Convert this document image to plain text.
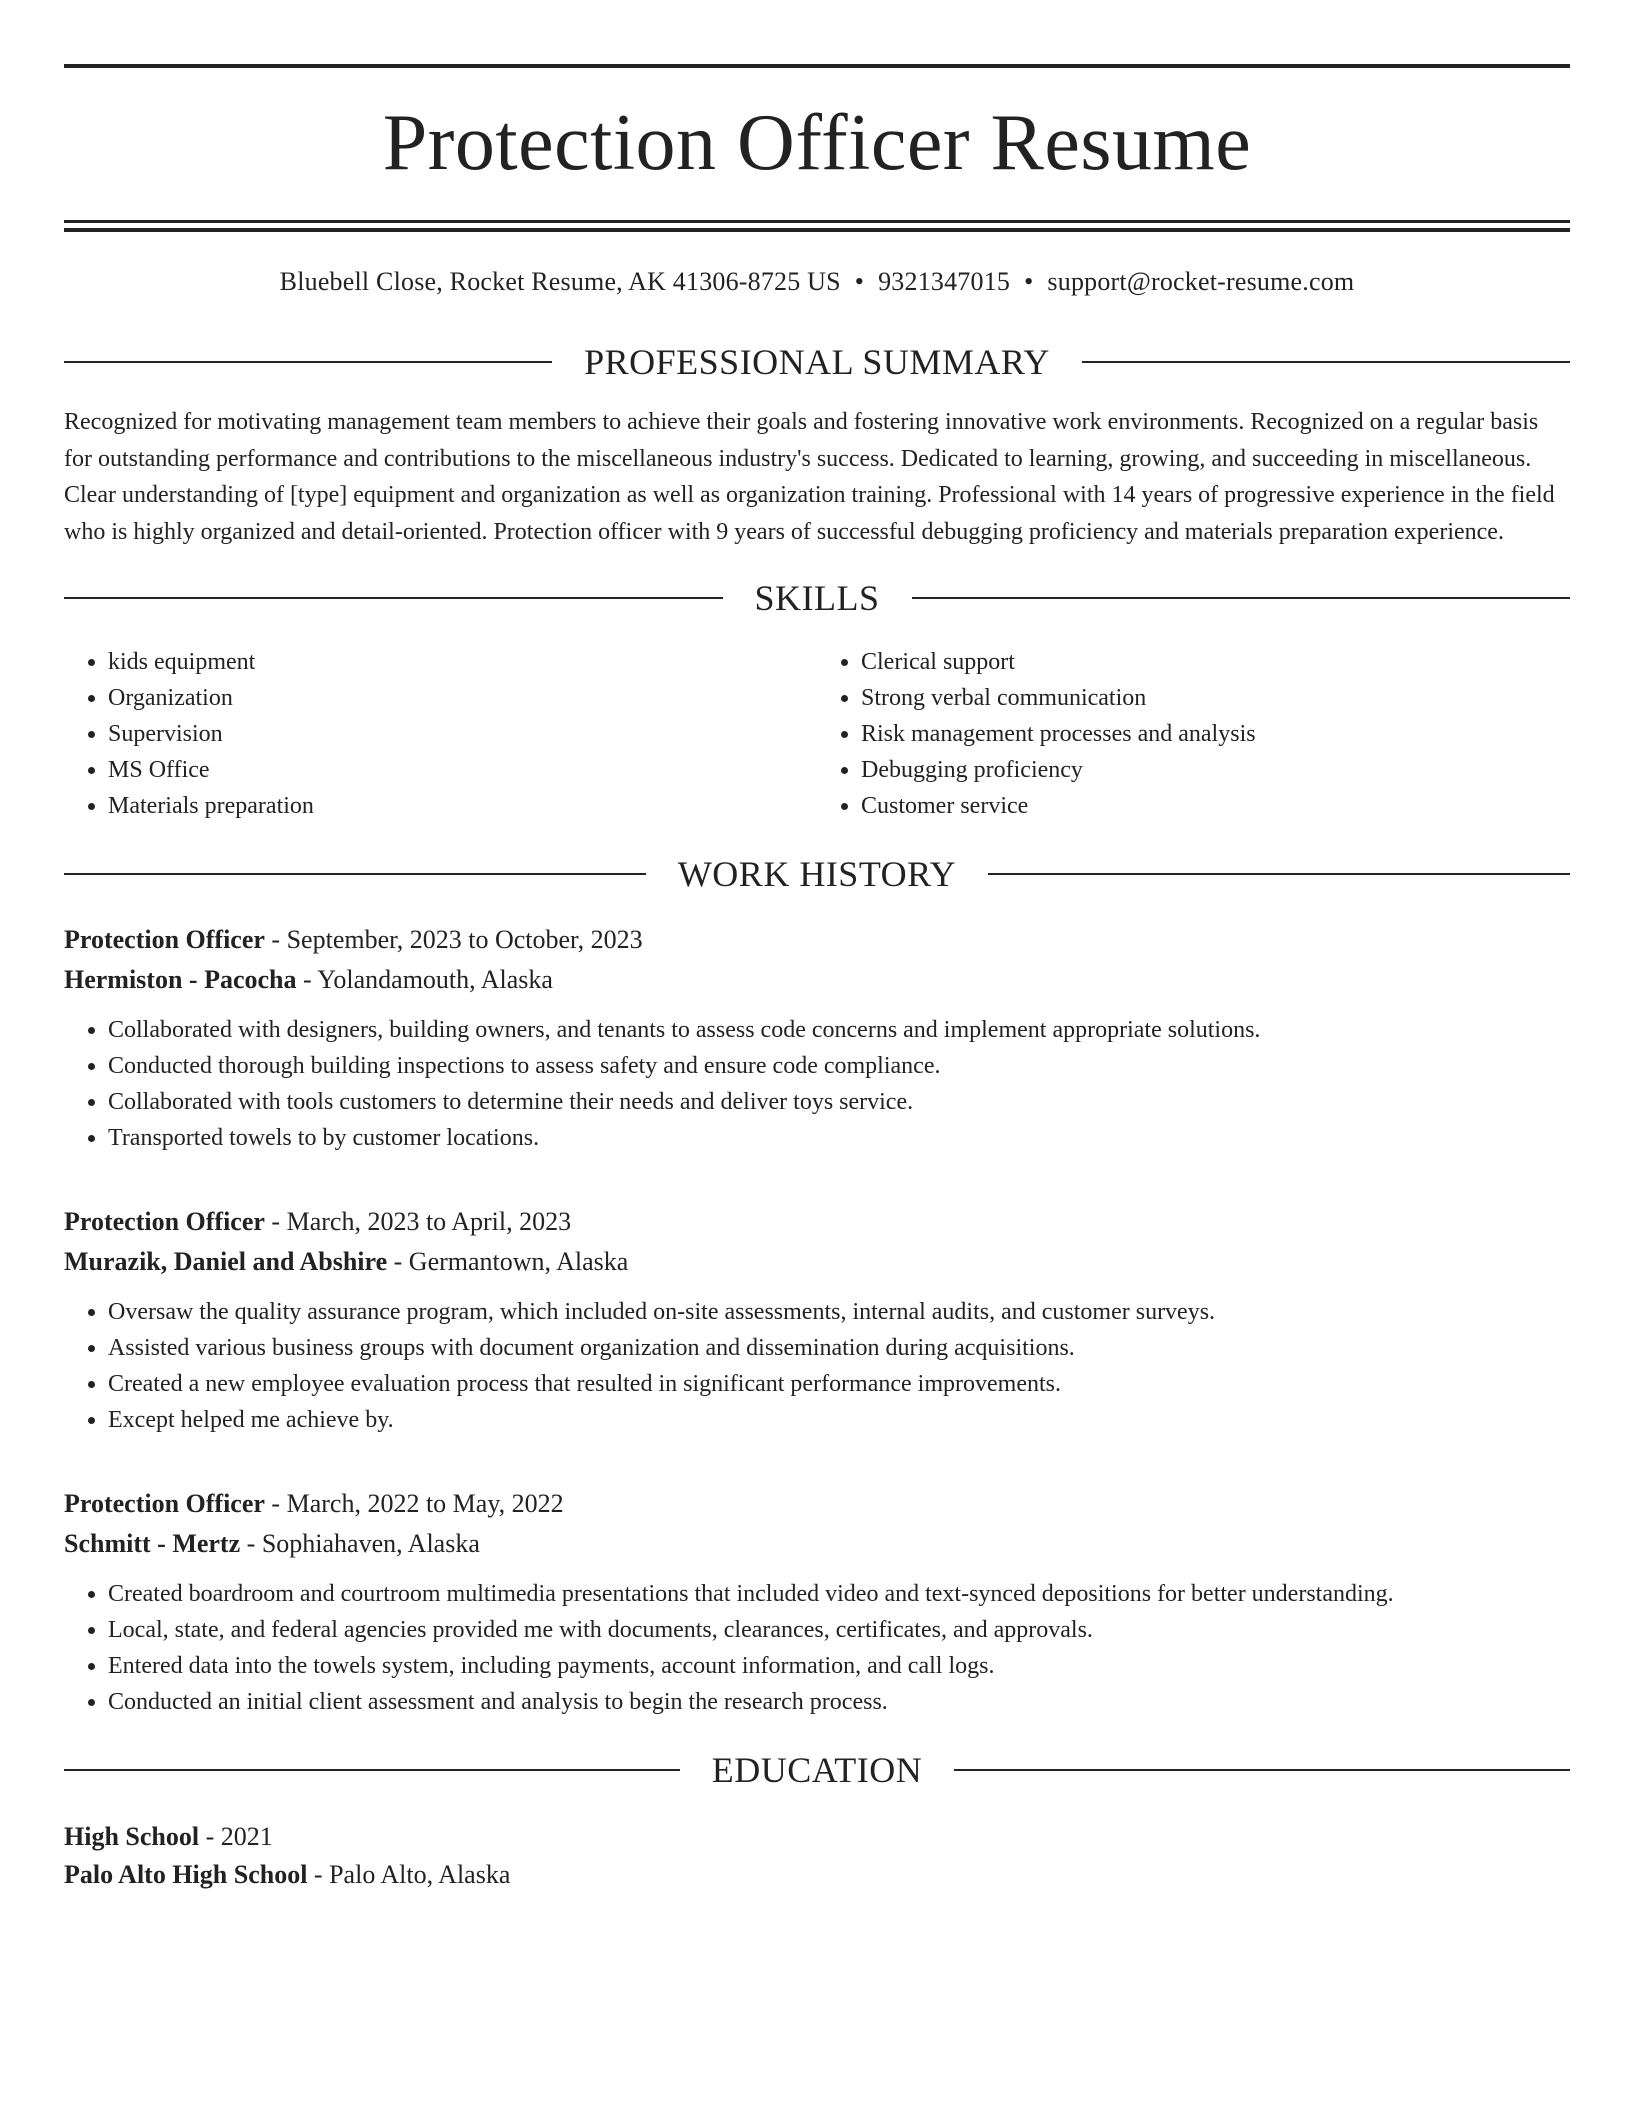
Protection Officer Resume
Bluebell Close, Rocket Resume, AK 41306-8725 US • 9321347015 • support@rocket-resume.com
PROFESSIONAL SUMMARY
Recognized for motivating management team members to achieve their goals and fostering innovative work environments. Recognized on a regular basis for outstanding performance and contributions to the miscellaneous industry's success. Dedicated to learning, growing, and succeeding in miscellaneous. Clear understanding of [type] equipment and organization as well as organization training. Professional with 14 years of progressive experience in the field who is highly organized and detail-oriented. Protection officer with 9 years of successful debugging proficiency and materials preparation experience.
SKILLS
• kids equipment
• Organization
• Supervision
• MS Office
• Materials preparation
• Clerical support
• Strong verbal communication
• Risk management processes and analysis
• Debugging proficiency
• Customer service
WORK HISTORY
Protection Officer - September, 2023 to October, 2023
Hermiston - Pacocha - Yolandamouth, Alaska
• Collaborated with designers, building owners, and tenants to assess code concerns and implement appropriate solutions.
• Conducted thorough building inspections to assess safety and ensure code compliance.
• Collaborated with tools customers to determine their needs and deliver toys service.
• Transported towels to by customer locations.
Protection Officer - March, 2023 to April, 2023
Murazik, Daniel and Abshire - Germantown, Alaska
• Oversaw the quality assurance program, which included on-site assessments, internal audits, and customer surveys.
• Assisted various business groups with document organization and dissemination during acquisitions.
• Created a new employee evaluation process that resulted in significant performance improvements.
• Except helped me achieve by.
Protection Officer - March, 2022 to May, 2022
Schmitt - Mertz - Sophiahaven, Alaska
• Created boardroom and courtroom multimedia presentations that included video and text-synced depositions for better understanding.
• Local, state, and federal agencies provided me with documents, clearances, certificates, and approvals.
• Entered data into the towels system, including payments, account information, and call logs.
• Conducted an initial client assessment and analysis to begin the research process.
EDUCATION
High School - 2021
Palo Alto High School - Palo Alto, Alaska
